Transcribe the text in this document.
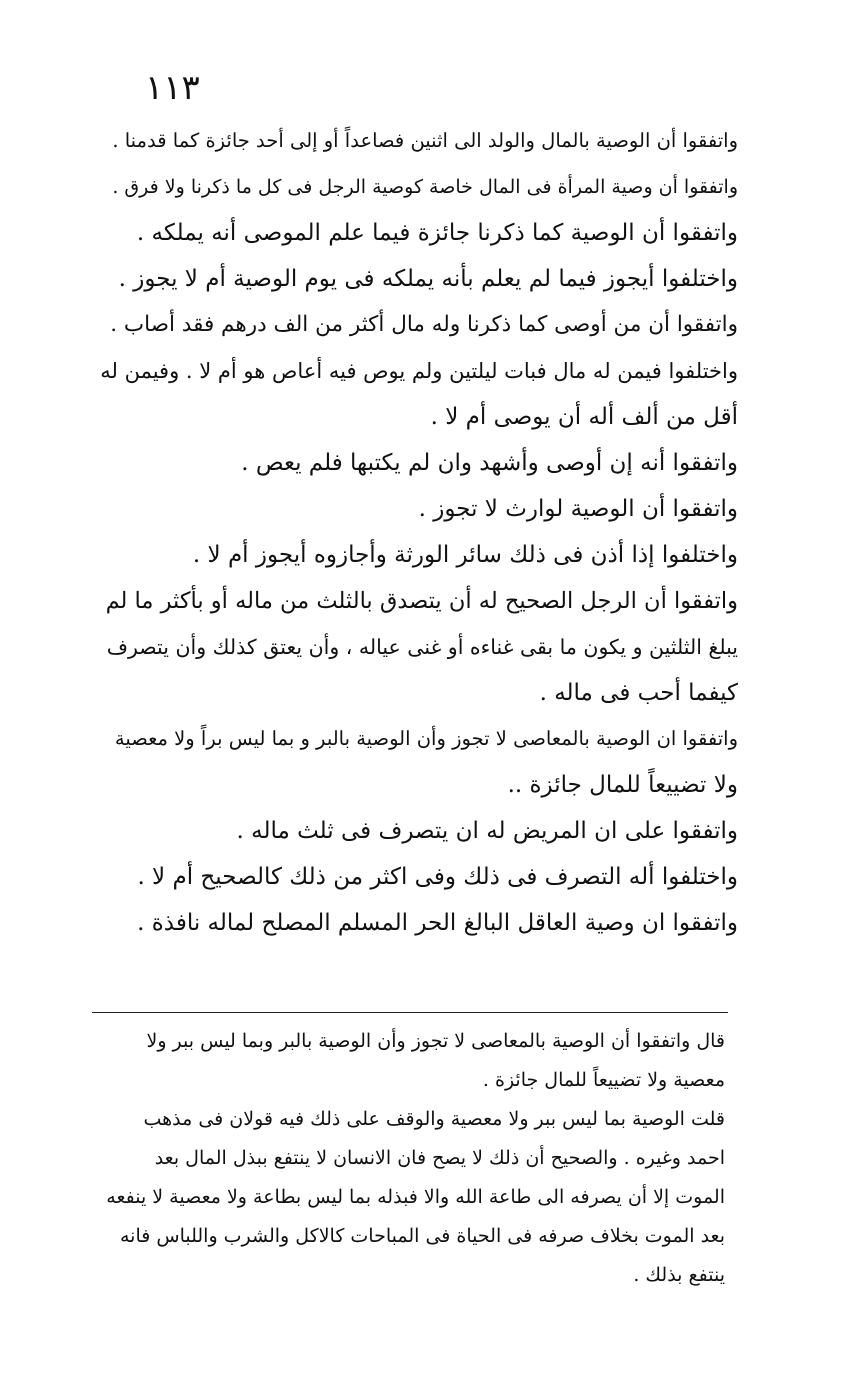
١١٣
واتفقوا أن الوصية بالمال والولد الى اثنين فصاعداً أو إلى أحد جائزة كما قدمنا .
واتفقوا أن وصية المرأة فى المال خاصة كوصية الرجل فى كل ما ذكرنا ولا فرق .
واتفقوا أن الوصية كما ذكرنا جائزة فيما علم الموصى أنه يملكه .
واختلفوا أيجوز فيما لم يعلم بأنه يملكه فى يوم الوصية أم لا يجوز .
واتفقوا أن من أوصى كما ذكرنا وله مال أكثر من الف درهم فقد أصاب .
واختلفوا فيمن له مال فبات ليلتين ولم يوص فيه أعاص هو أم لا . وفيمن له
أقل من ألف أله أن يوصى أم لا .
واتفقوا أنه إن أوصى وأشهد وان لم يكتبها فلم يعص .
واتفقوا أن الوصية لوارث لا تجوز .
واختلفوا إذا أذن فى ذلك سائر الورثة وأجازوه أيجوز أم لا .
واتفقوا أن الرجل الصحيح له أن يتصدق بالثلث من ماله أو بأكثر ما لم
يبلغ الثلثين و يكون ما بقى غناءه أو غنى عياله ، وأن يعتق كذلك وأن يتصرف
كيفما أحب فى ماله .
واتفقوا ان الوصية بالمعاصى لا تجوز وأن الوصية بالبر و بما ليس براً ولا معصية
ولا تضييعاً للمال جائزة ..
واتفقوا على ان المريض له ان يتصرف فى ثلث ماله .
واختلفوا أله التصرف فى ذلك وفى اكثر من ذلك كالصحيح أم لا .
واتفقوا ان وصية العاقل البالغ الحر المسلم المصلح لماله نافذة .
قال واتفقوا أن الوصية بالمعاصى لا تجوز وأن الوصية بالبر وبما ليس ببر ولا
معصية ولا تضييعاً للمال جائزة .
قلت الوصية بما ليس ببر ولا معصية والوقف على ذلك فيه قولان فى مذهب
احمد وغيره . والصحيح أن ذلك لا يصح فان الانسان لا ينتفع ببذل المال بعد
الموت إلا أن يصرفه الى طاعة الله والا فبذله بما ليس بطاعة ولا معصية لا ينفعه
بعد الموت بخلاف صرفه فى الحياة فى المباحات كالاكل والشرب واللباس فانه
ينتفع بذلك .
